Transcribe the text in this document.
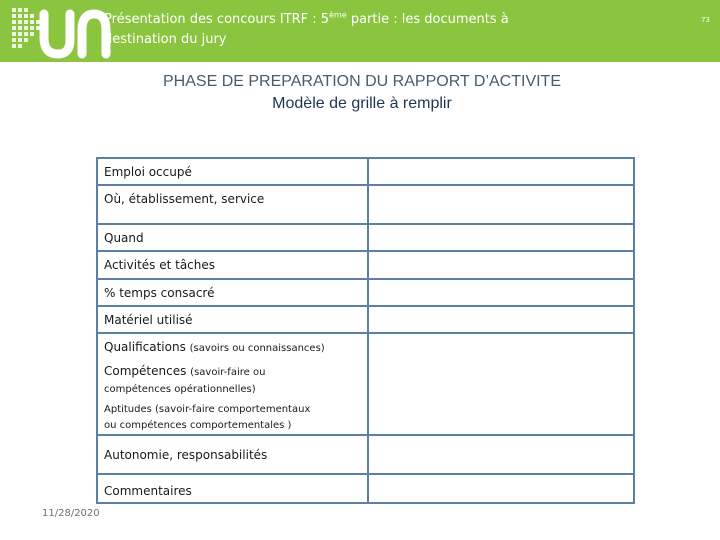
Présentation des concours ITRF : 5ème partie : les documents à
destination du jury
73
PHASE DE PREPARATION DU RAPPORT D’ACTIVITE
Modèle de grille à remplir
Emploi occupé	

Où, établissement, service	

Quand	

Activités et tâches	

% temps consacré	

Matériel utilisé	

Qualifications (savoirs ou connaissances)
Compétences (savoir-faire ou
compétences opérationnelles)
Aptitudes (savoir-faire comportementaux
ou compétences comportementales )	

Autonomie, responsabilités	

Commentaires	

11/28/2020
